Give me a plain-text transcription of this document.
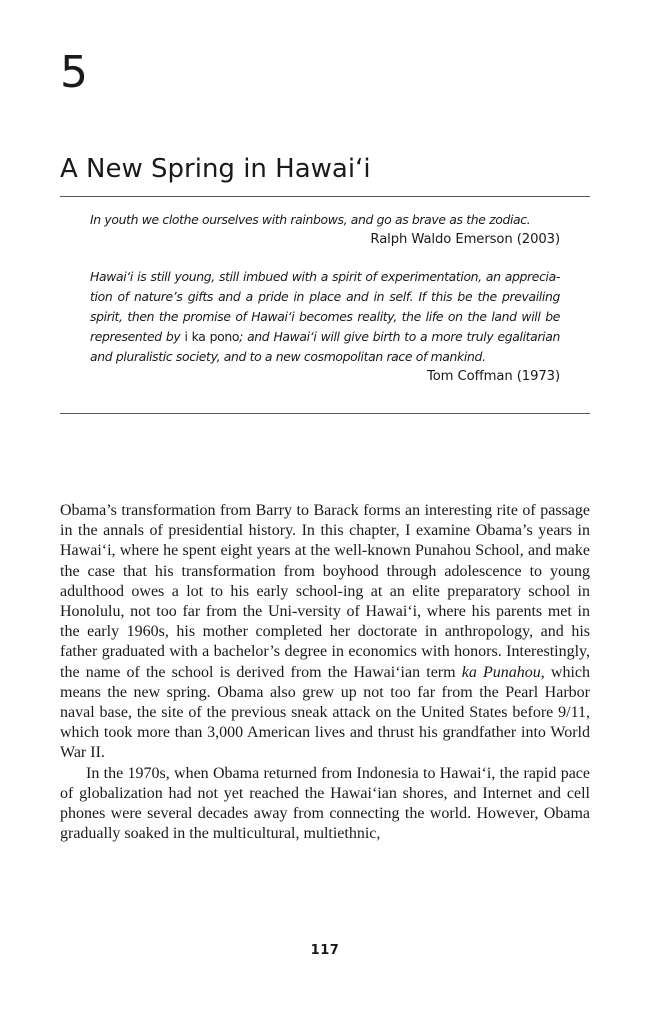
5
A New Spring in Hawai‘i

In youth we clothe ourselves with rainbows, and go as brave as the zodiac.

Ralph Waldo Emerson (2003)

Hawai‘i is still young, still imbued with a spirit of experimentation, an apprecia-tion of nature’s gifts and a pride in place and in self. If this be the prevailing spirit, then the promise of Hawai‘i becomes reality, the life on the land will be represented by i ka pono; and Hawai‘i will give birth to a more truly egalitarian and pluralistic society, and to a new cosmopolitan race of mankind.

Tom Coffman (1973)

Obama’s transformation from Barry to Barack forms an interesting rite of passage in the annals of presidential history. In this chapter, I examine Obama’s years in Hawai‘i, where he spent eight years at the well-known Punahou School, and make the case that his transformation from boyhood through adolescence to young adulthood owes a lot to his early school-ing at an elite preparatory school in Honolulu, not too far from the Uni-versity of Hawai‘i, where his parents met in the early 1960s, his mother completed her doctorate in anthropology, and his father graduated with a bachelor’s degree in economics with honors. Interestingly, the name of the school is derived from the Hawai‘ian term ka Punahou, which means the new spring. Obama also grew up not too far from the Pearl Harbor naval base, the site of the previous sneak attack on the United States before 9/11, which took more than 3,000 American lives and thrust his grandfather into World War II.

In the 1970s, when Obama returned from Indonesia to Hawai‘i, the rapid pace of globalization had not yet reached the Hawai‘ian shores, and Internet and cell phones were several decades away from connecting the world. However, Obama gradually soaked in the multicultural, multiethnic,

117
